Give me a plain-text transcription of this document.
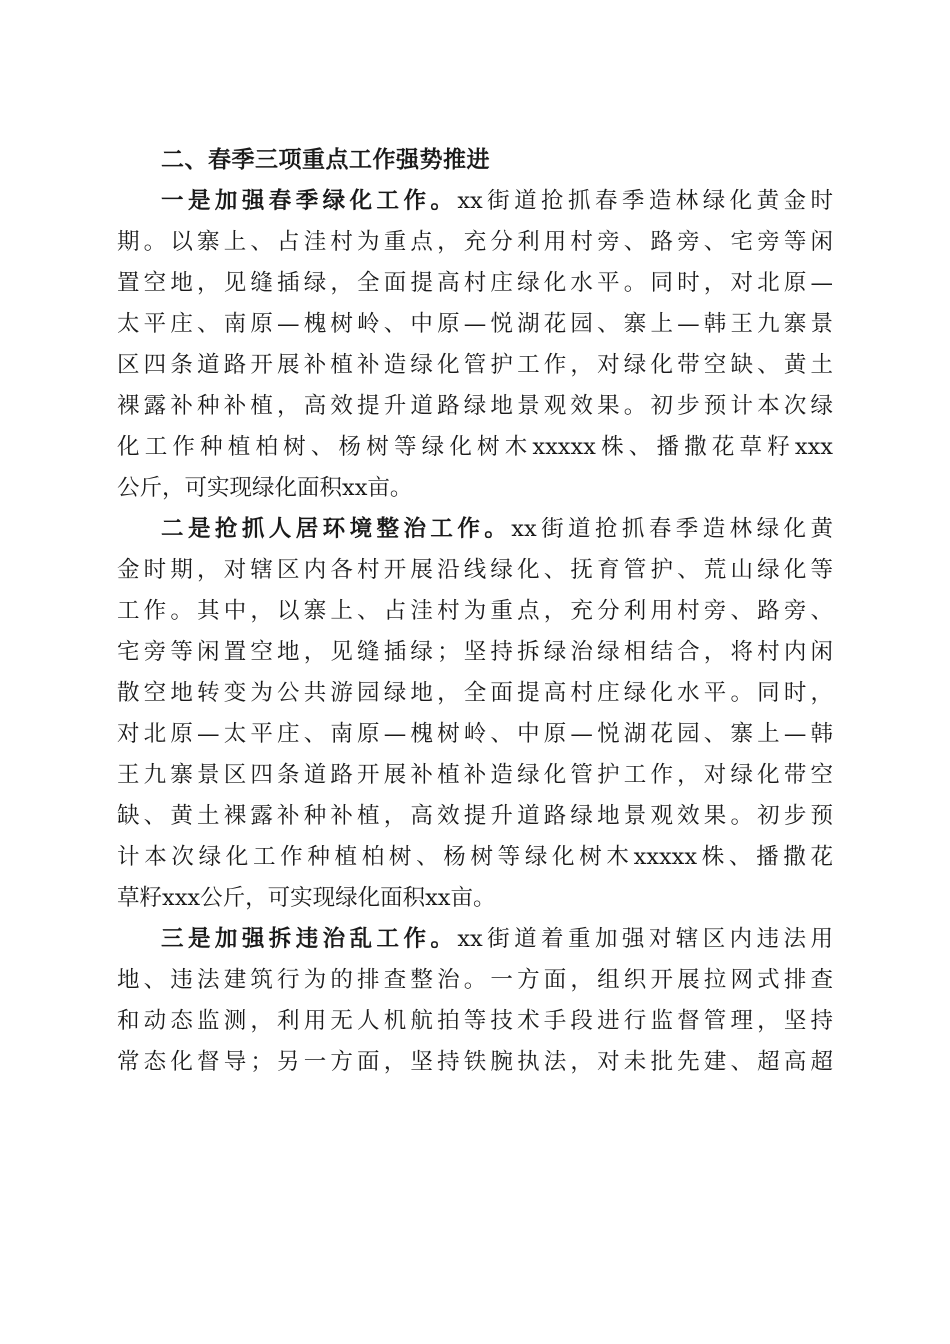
二、春季三项重点工作强势推进
一是加强春季绿化工作。xx街道抢抓春季造林绿化黄金时
期。以寨上、占洼村为重点，充分利用村旁、路旁、宅旁等闲
置空地，见缝插绿，全面提高村庄绿化水平。同时，对北原—
太平庄、南原—槐树岭、中原—悦湖花园、寨上—韩王九寨景
区四条道路开展补植补造绿化管护工作，对绿化带空缺、黄土
裸露补种补植，高效提升道路绿地景观效果。初步预计本次绿
化工作种植柏树、杨树等绿化树木xxxxx株、播撒花草籽xxx
公斤，可实现绿化面积xx亩。
二是抢抓人居环境整治工作。xx街道抢抓春季造林绿化黄
金时期，对辖区内各村开展沿线绿化、抚育管护、荒山绿化等
工作。其中，以寨上、占洼村为重点，充分利用村旁、路旁、
宅旁等闲置空地，见缝插绿；坚持拆绿治绿相结合，将村内闲
散空地转变为公共游园绿地，全面提高村庄绿化水平。同时，
对北原—太平庄、南原—槐树岭、中原—悦湖花园、寨上—韩
王九寨景区四条道路开展补植补造绿化管护工作，对绿化带空
缺、黄土裸露补种补植，高效提升道路绿地景观效果。初步预
计本次绿化工作种植柏树、杨树等绿化树木xxxxx株、播撒花
草籽xxx公斤，可实现绿化面积xx亩。
三是加强拆违治乱工作。xx街道着重加强对辖区内违法用
地、违法建筑行为的排查整治。一方面，组织开展拉网式排查
和动态监测，利用无人机航拍等技术手段进行监督管理，坚持
常态化督导；另一方面，坚持铁腕执法，对未批先建、超高超
